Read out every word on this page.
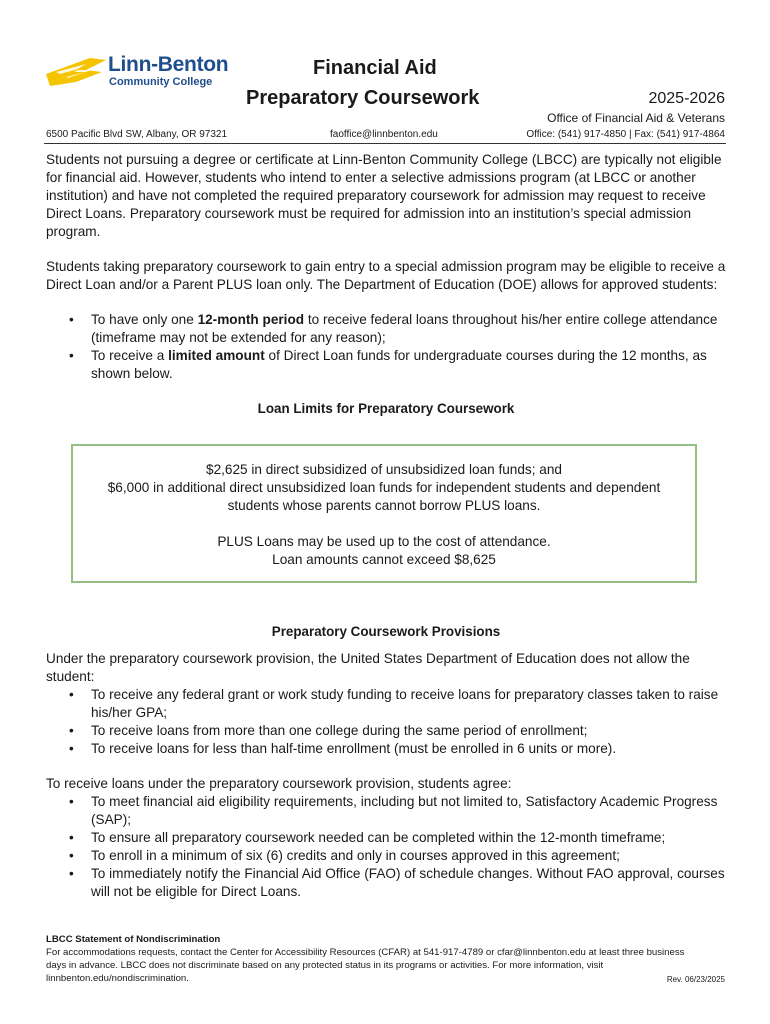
Linn-Benton
Community College
Financial Aid
Preparatory Coursework	2025-2026
Office of Financial Aid & Veterans
6500 Pacific Blvd SW, Albany, OR 97321	faoffice@linnbenton.edu	Office: (541) 917-4850 | Fax: (541) 917-4864

Students not pursuing a degree or certificate at Linn-Benton Community College (LBCC) are typically not eligible for financial aid. However, students who intend to enter a selective admissions program (at LBCC or another institution) and have not completed the required preparatory coursework for admission may request to receive Direct Loans. Preparatory coursework must be required for admission into an institution’s special admission program.

Students taking preparatory coursework to gain entry to a special admission program may be eligible to receive a Direct Loan and/or a Parent PLUS loan only. The Department of Education (DOE) allows for approved students:

• To have only one 12-month period to receive federal loans throughout his/her entire college attendance (timeframe may not be extended for any reason);
• To receive a limited amount of Direct Loan funds for undergraduate courses during the 12 months, as shown below.
Loan Limits for Preparatory Coursework
$2,625 in direct subsidized of unsubsidized loan funds; and
$6,000 in additional direct unsubsidized loan funds for independent students and dependent
students whose parents cannot borrow PLUS loans.
PLUS Loans may be used up to the cost of attendance.
Loan amounts cannot exceed $8,625
Preparatory Coursework Provisions
Under the preparatory coursework provision, the United States Department of Education does not allow the student:
• To receive any federal grant or work study funding to receive loans for preparatory classes taken to raise his/her GPA;
• To receive loans from more than one college during the same period of enrollment;
• To receive loans for less than half-time enrollment (must be enrolled in 6 units or more).
To receive loans under the preparatory coursework provision, students agree:
• To meet financial aid eligibility requirements, including but not limited to, Satisfactory Academic Progress (SAP);
• To ensure all preparatory coursework needed can be completed within the 12-month timeframe;
• To enroll in a minimum of six (6) credits and only in courses approved in this agreement;
• To immediately notify the Financial Aid Office (FAO) of schedule changes. Without FAO approval, courses will not be eligible for Direct Loans.
LBCC Statement of Nondiscrimination
For accommodations requests, contact the Center for Accessibility Resources (CFAR) at 541-917-4789 or cfar@linnbenton.edu at least three business days in advance. LBCC does not discriminate based on any protected status in its programs or activities. For more information, visit linnbenton.edu/nondiscrimination.	Rev. 06/23/2025
